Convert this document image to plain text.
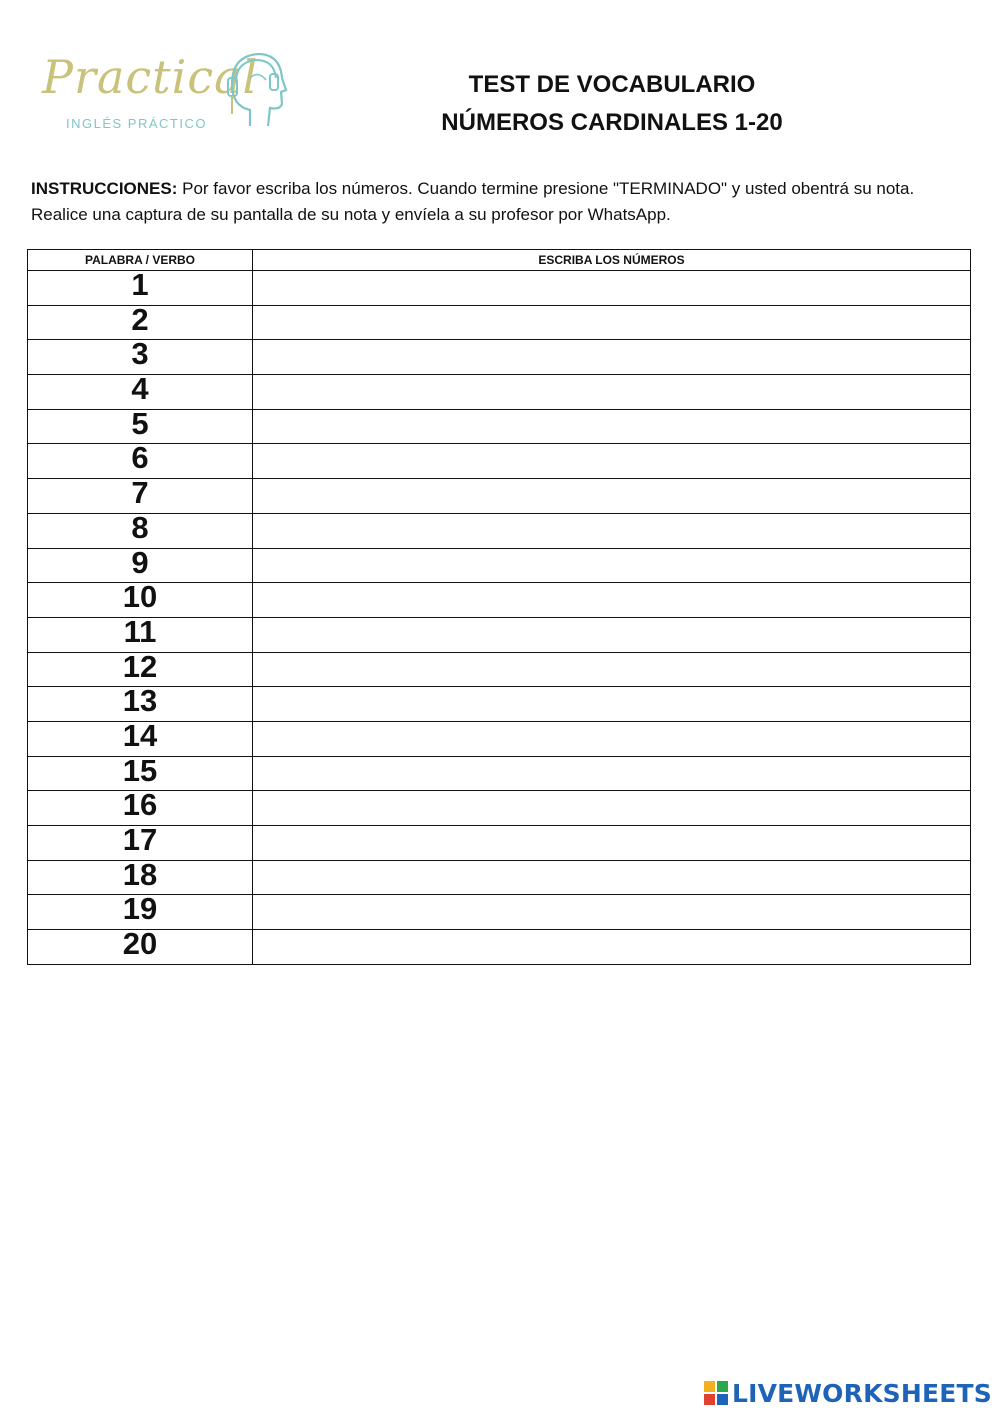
Practical
INGLÉS PRÁCTICO
TEST DE VOCABULARIO
NÚMEROS CARDINALES 1-20
INSTRUCCIONES: Por favor escriba los números. Cuando termine presione "TERMINADO" y usted obentrá su nota. Realice una captura de su pantalla de su nota y envíela a su profesor por WhatsApp.
PALABRA / VERBO	ESCRIBA LOS NÚMEROS
1	
2	
3	
4	
5	
6	
7	
8	
9	
10	
11	
12	
13	
14	
15	
16	
17	
18	
19	
20	
LIVEWORKSHEETS
